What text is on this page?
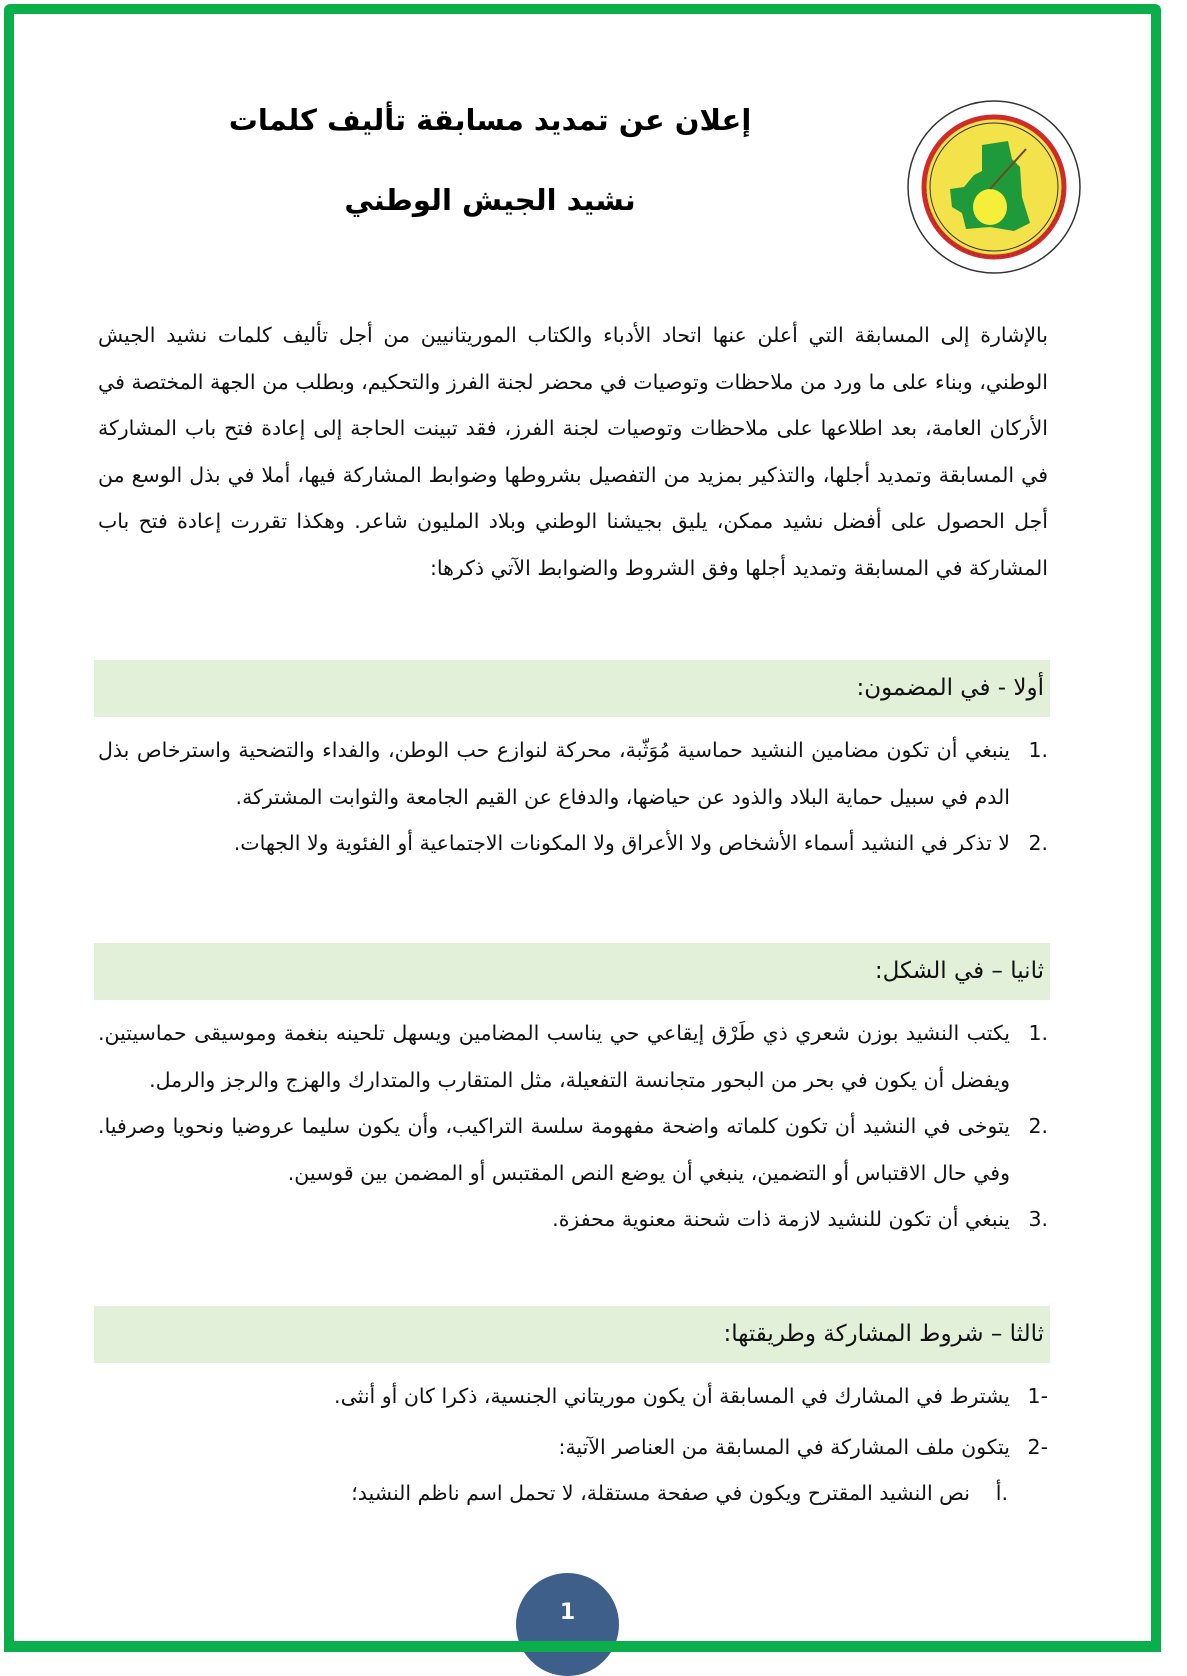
إعلان عن تمديد مسابقة تأليف كلمات
نشيد الجيش الوطني

بالإشارة إلى المسابقة التي أعلن عنها اتحاد الأدباء والكتاب الموريتانيين من أجل تأليف كلمات نشيد الجيش الوطني، وبناء على ما ورد من ملاحظات وتوصيات في محضر لجنة الفرز والتحكيم، وبطلب من الجهة المختصة في الأركان العامة، بعد اطلاعها على ملاحظات وتوصيات لجنة الفرز، فقد تبينت الحاجة إلى إعادة فتح باب المشاركة في المسابقة وتمديد أجلها، والتذكير بمزيد من التفصيل بشروطها وضوابط المشاركة فيها، أملا في بذل الوسع من أجل الحصول على أفضل نشيد ممكن، يليق بجيشنا الوطني وبلاد المليون شاعر. وهكذا تقررت إعادة فتح باب المشاركة في المسابقة وتمديد أجلها وفق الشروط والضوابط الآتي ذكرها:

أولا - في المضمون:
1.
ينبغي أن تكون مضامين النشيد حماسية مُوَثّبة، محركة لنوازع حب الوطن، والفداء والتضحية واسترخاص بذل الدم في سبيل حماية البلاد والذود عن حياضها، والدفاع عن القيم الجامعة والثوابت المشتركة.
2.
لا تذكر في النشيد أسماء الأشخاص ولا الأعراق ولا المكونات الاجتماعية أو الفئوية ولا الجهات.
ثانيا – في الشكل:
1.
يكتب النشيد بوزن شعري ذي طَرْق إيقاعي حي يناسب المضامين ويسهل تلحينه بنغمة وموسيقى حماسيتين. ويفضل أن يكون في بحر من البحور متجانسة التفعيلة، مثل المتقارب والمتدارك والهزج والرجز والرمل.
2.
يتوخى في النشيد أن تكون كلماته واضحة مفهومة سلسة التراكيب، وأن يكون سليما عروضيا ونحويا وصرفيا. وفي حال الاقتباس أو التضمين، ينبغي أن يوضع النص المقتبس أو المضمن بين قوسين.
3.
ينبغي أن تكون للنشيد لازمة ذات شحنة معنوية محفزة.
ثالثا – شروط المشاركة وطريقتها:
1-
يشترط في المشارك في المسابقة أن يكون موريتاني الجنسية، ذكرا كان أو أنثى.
2-
يتكون ملف المشاركة في المسابقة من العناصر الآتية:
أ.
نص النشيد المقترح ويكون في صفحة مستقلة، لا تحمل اسم ناظم النشيد؛
1
